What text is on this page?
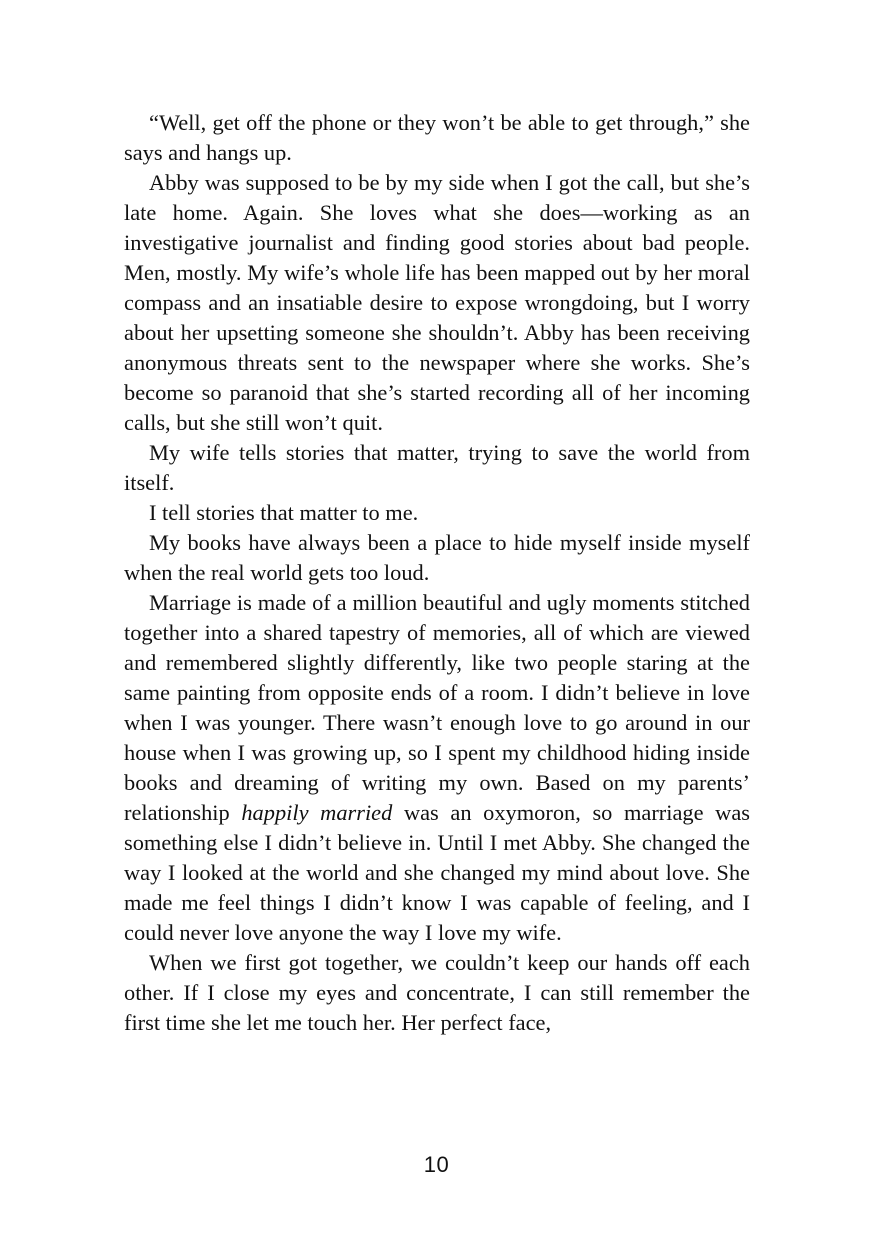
“Well, get off the phone or they won’t be able to get through,” she says and hangs up.

Abby was supposed to be by my side when I got the call, but she’s late home. Again. She loves what she does—working as an investigative journalist and finding good stories about bad people. Men, mostly. My wife’s whole life has been mapped out by her moral compass and an insatiable desire to expose wrongdoing, but I worry about her upsetting someone she shouldn’t. Abby has been receiving anonymous threats sent to the newspaper where she works. She’s become so paranoid that she’s started recording all of her incoming calls, but she still won’t quit.

My wife tells stories that matter, trying to save the world from itself.

I tell stories that matter to me.

My books have always been a place to hide myself inside myself when the real world gets too loud.

Marriage is made of a million beautiful and ugly moments stitched together into a shared tapestry of memories, all of which are viewed and remembered slightly differently, like two people staring at the same painting from opposite ends of a room. I didn’t believe in love when I was younger. There wasn’t enough love to go around in our house when I was growing up, so I spent my childhood hiding inside books and dreaming of writing my own. Based on my parents’ relationship happily married was an oxymoron, so marriage was something else I didn’t believe in. Until I met Abby. She changed the way I looked at the world and she changed my mind about love. She made me feel things I didn’t know I was capable of feeling, and I could never love anyone the way I love my wife.

When we first got together, we couldn’t keep our hands off each other. If I close my eyes and concentrate, I can still remember the first time she let me touch her. Her perfect face,

10
